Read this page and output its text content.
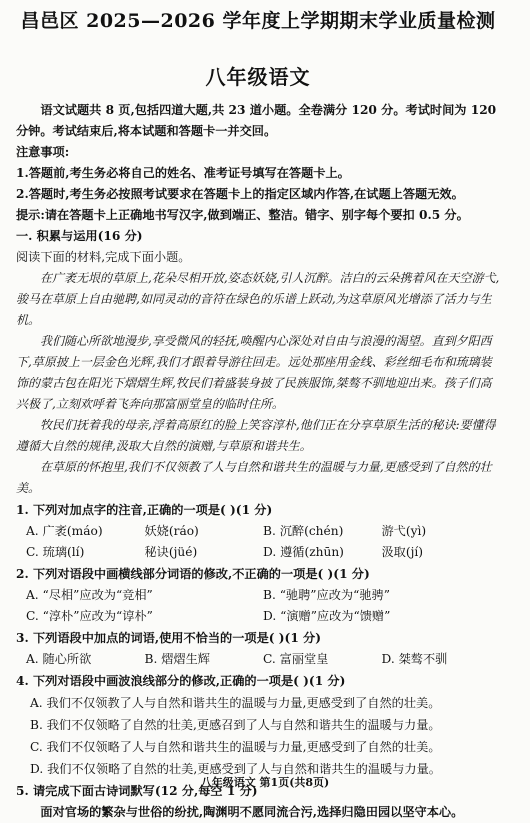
昌邑区 2025—2026 学年度上学期期末学业质量检测
八年级语文
语文试题共 8 页,包括四道大题,共 23 道小题。全卷满分 120 分。考试时间为 120 分钟。考试结束后,将本试题和答题卡一并交回。
注意事项:
1.答题前,考生务必将自己的姓名、准考证号填写在答题卡上。
2.答题时,考生务必按照考试要求在答题卡上的指定区域内作答,在试题上答题无效。
提示:请在答题卡上正确地书写汉字,做到端正、整洁。错字、别字每个要扣 0.5 分。
一. 积累与运用(16 分)
阅读下面的材料,完成下面小题。
在广袤无垠的草原上,花朵尽相开放,姿态妖娆,引人沉醉。洁白的云朵携着风在天空游弋,骏马在草原上自由驰聘,如同灵动的音符在绿色的乐谱上跃动,为这草原风光增添了活力与生机。
我们随心所欲地漫步,享受微风的轻抚,唤醒内心深处对自由与浪漫的渴望。直到夕阳西下,草原披上一层金色光辉,我们才跟着导游往回走。远处那座用金线、彩丝细毛布和琉璃装饰的蒙古包在阳光下熠熠生辉,牧民们着盛装身披了民族服饰,桀骜不驯地迎出来。孩子们高兴极了,立刻欢呼着飞奔向那富丽堂皇的临时住所。
牧民们抚着我的母亲,浮着高原红的脸上笑容淳朴,他们正在分享草原生活的秘诀:要懂得遵循大自然的规律,汲取大自然的演赠,与草原和谐共生。
在草原的怀抱里,我们不仅领教了人与自然和谐共生的温暖与力量,更感受到了自然的壮美。
1. 下列对加点字的注音,正确的一项是( )(1 分)
A. 广袤(máo)	妖娆(ráo)	B. 沉醉(chén)	游弋(yì)
C. 琉璃(lí)	秘诀(jüé)	D. 遵循(zhūn)	汲取(jí)
2. 下列对语段中画横线部分词语的修改,不正确的一项是( )(1 分)
A. “尽相”应改为“竞相”	B. “驰聘”应改为“驰骋”
C. “淳朴”应改为“谆朴”	D. “演赠”应改为“馈赠”
3. 下列语段中加点的词语,使用不恰当的一项是( )(1 分)
A. 随心所欲	B. 熠熠生辉	C. 富丽堂皇	D. 桀骜不驯
4. 下列对语段中画波浪线部分的修改,正确的一项是( )(1 分)
A. 我们不仅领教了人与自然和谐共生的温暖与力量,更感受到了自然的壮美。
B. 我们不仅领略了自然的壮美,更感召到了人与自然和谐共生的温暖与力量。
C. 我们不仅领略了人与自然和谐共生的温暖与力量,更感受到了自然的壮美。
D. 我们不仅领略了自然的壮美,更感受到了人与自然和谐共生的温暖与力量。
5. 请完成下面古诗词默写(12 分,每空 1 分)
面对官场的繁杂与世俗的纷扰,陶渊明不愿同流合污,选择归隐田园以坚守本心。
八年级语文 第1页(共8页)
